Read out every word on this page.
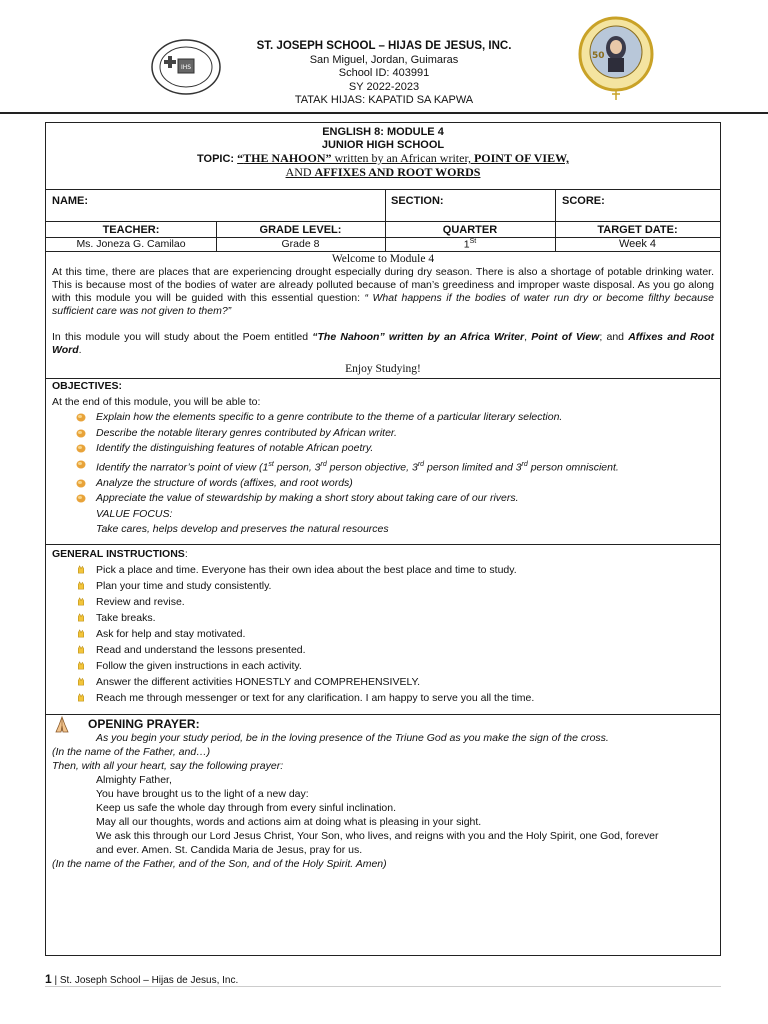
IHS
50
ST. JOSEPH SCHOOL – HIJAS DE JESUS, INC.
San Miguel, Jordan, Guimaras
School ID: 403991
SY 2022-2023
TATAK HIJAS: KAPATID SA KAPWA
ENGLISH 8: MODULE 4
JUNIOR HIGH SCHOOL
TOPIC: “THE NAHOON” written by an African writer, POINT OF VIEW,
AND AFFIXES AND ROOT WORDS
NAME:	SECTION:	SCORE:
TEACHER:	GRADE LEVEL:	QUARTER	TARGET DATE:
Ms. Joneza G. Camilao	Grade 8	1St	Week 4
Welcome to Module 4

At this time, there are places that are experiencing drought especially during dry season. There is also a shortage of potable drinking water. This is because most of the bodies of water are already polluted because of man’s greediness and improper waste disposal. As you go along with this module you will be guided with this essential question: “ What happens if the bodies of water run dry or become filthy because sufficient care was not given to them?”

In this module you will study about the Poem entitled “The Nahoon” written by an Africa Writer, Point of View; and Affixes and Root Word.

Enjoy Studying!
OBJECTIVES:
At the end of this module, you will be able to:
Explain how the elements specific to a genre contribute to the theme of a particular literary selection.
Describe the notable literary genres contributed by African writer.
Identify the distinguishing features of notable African poetry.
Identify the narrator’s point of view (1st person, 3rd person objective, 3rd person limited and 3rd person omniscient.
Analyze the structure of words (affixes, and root words)
Appreciate the value of stewardship by making a short story about taking care of our rivers.
VALUE FOCUS:
Take cares, helps develop and preserves the natural resources
GENERAL INSTRUCTIONS:
Pick a place and time. Everyone has their own idea about the best place and time to study.
Plan your time and study consistently.
Review and revise.
Take breaks.
Ask for help and stay motivated.
Read and understand the lessons presented.
Follow the given instructions in each activity.
Answer the different activities HONESTLY and COMPREHENSIVELY.
Reach me through messenger or text for any clarification. I am happy to serve you all the time.
OPENING PRAYER:
As you begin your study period, be in the loving presence of the Triune God as you make the sign of the cross.
(In the name of the Father, and…)
Then, with all your heart, say the following prayer:
Almighty Father,
You have brought us to the light of a new day:
Keep us safe the whole day through from every sinful inclination.
May all our thoughts, words and actions aim at doing what is pleasing in your sight.
We ask this through our Lord Jesus Christ, Your Son, who lives, and reigns with you and the Holy Spirit, one God, forever
and ever. Amen. St. Candida Maria de Jesus, pray for us.
(In the name of the Father, and of the Son, and of the Holy Spirit. Amen)
1 | St. Joseph School – Hijas de Jesus, Inc.
